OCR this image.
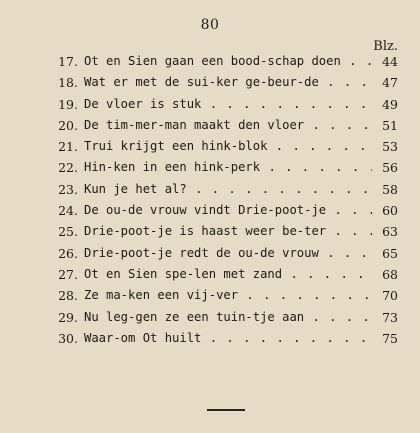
80
Blz.
17. Ot en Sien gaan een bood-schap doen . . .	44
18. Wat er met de sui-ker ge-beur-de . . .	47
19. De vloer is stuk . . .	49
20. De tim-mer-man maakt den vloer . . .	51
21. Trui krijgt een hink-blok . . .	53
22. Hin-ken in een hink-perk . . .	56
23. Kun je het al? . . .	58
24. De ou-de vrouw vindt Drie-poot-je . . .	60
25. Drie-poot-je is haast weer be-ter . . .	63
26. Drie-poot-je redt de ou-de vrouw . . .	65
27. Ot en Sien spe-len met zand . . .	68
28. Ze ma-ken een vij-ver . . .	70
29. Nu leg-gen ze een tuin-tje aan . . .	73
30. Waar-om Ot huilt . . .	75
